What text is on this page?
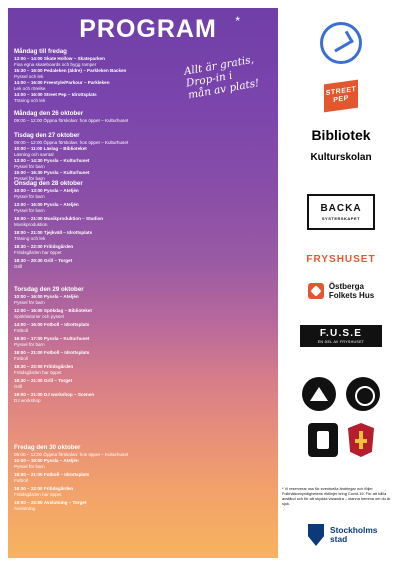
PROGRAM	*
Allt är gratis,
Drop-in i
mån av plats!
Måndag till fredag
13:00 – 14:00 Skate Hollow – Skateparken
Fixa egna skateboards och bygg ramper
15:30 – 16:00 Pedaleken (äldre) – Parkleken Backen
Pyssel och lek
14:00 – 16:00 Freestyle/Parkour – Parkleken
Lek och rörelse
14:00 – 16:00 Street Pep – Idrottsplats
Träning och lek
Måndag den 26 oktober
09:00 – 12:00 Öppna förskolan: hos öppet – Kulturhuset
Tisdag den 27 oktober
09:00 – 12:00 Öppna förskolan: hos öppet – Kulturhuset
10:00 – 11:00 Läslag – Biblioteket
Läsning och samtal
13:00 – 14:30 Pyssla – Kulturhuset
Pyssel för barn
15:00 – 16:30 Pyssla – Kulturhuset
Pyssel för barn
Onsdag den 28 oktober
10:00 – 13:00 Pyssla – Ateljén
Pyssel för barn
13:00 – 16:00 Pyssla – Ateljén
Pyssel för barn
16:00 – 21:00 Musikproduktion – Studion
Musikproduktion
18:00 – 21:00 Tjejkväll – Idrottsplats
Träning och lek
18:30 – 22:00 Fritidsgården
Fritidsgården har öppet
18:30 – 20:30 Grill – Torget
Grill
Torsdag den 29 oktober
10:00 – 16:00 Pyssla – Ateljén
Pyssel för barn
12:00 – 16:00 Spökdag – Biblioteket
Spökhistorier och pyssel
14:00 – 16:00 Fotboll – Idrottsplats
Fotboll
16:00 – 17:00 Pyssla – Kulturhuset
Pyssel för barn
18:00 – 21:00 Fotboll – Idrottsplats
Fotboll
18:30 – 22:00 Fritidsgården
Fritidsgården har öppet
18:30 – 21:00 Grill – Torget
Grill
19:00 – 21:00 DJ workshop – Scenen
DJ workshop
Fredag den 30 oktober
09:00 – 12:00 Öppna förskolan: hos öppet – Kulturhuset
10:00 – 16:00 Pyssla – Ateljén
Pyssel för barn
18:00 – 21:00 Fotboll – Idrottsplats
Fotboll
18:30 – 22:00 Fritidsgården
Fritidsgården har öppet
19:00 – 22:00 Avslutning – Torget
Avslutning
STREET
PEP
Bibliotek
Kulturskolan
BACKA
SYSTERSKAPET
FRYSHUSET
Östberga
Folkets Hus
F.U.S.E
EN DEL AV FRYSHUSET
* Vi reserverar oss för eventuella ändringar och följer Folkhälsomyndighetens riktlinjer kring Covid-19. För att hålla avstånd och för att skydda varandra – stanna hemma om du är sjuk.
Stockholms
stad
